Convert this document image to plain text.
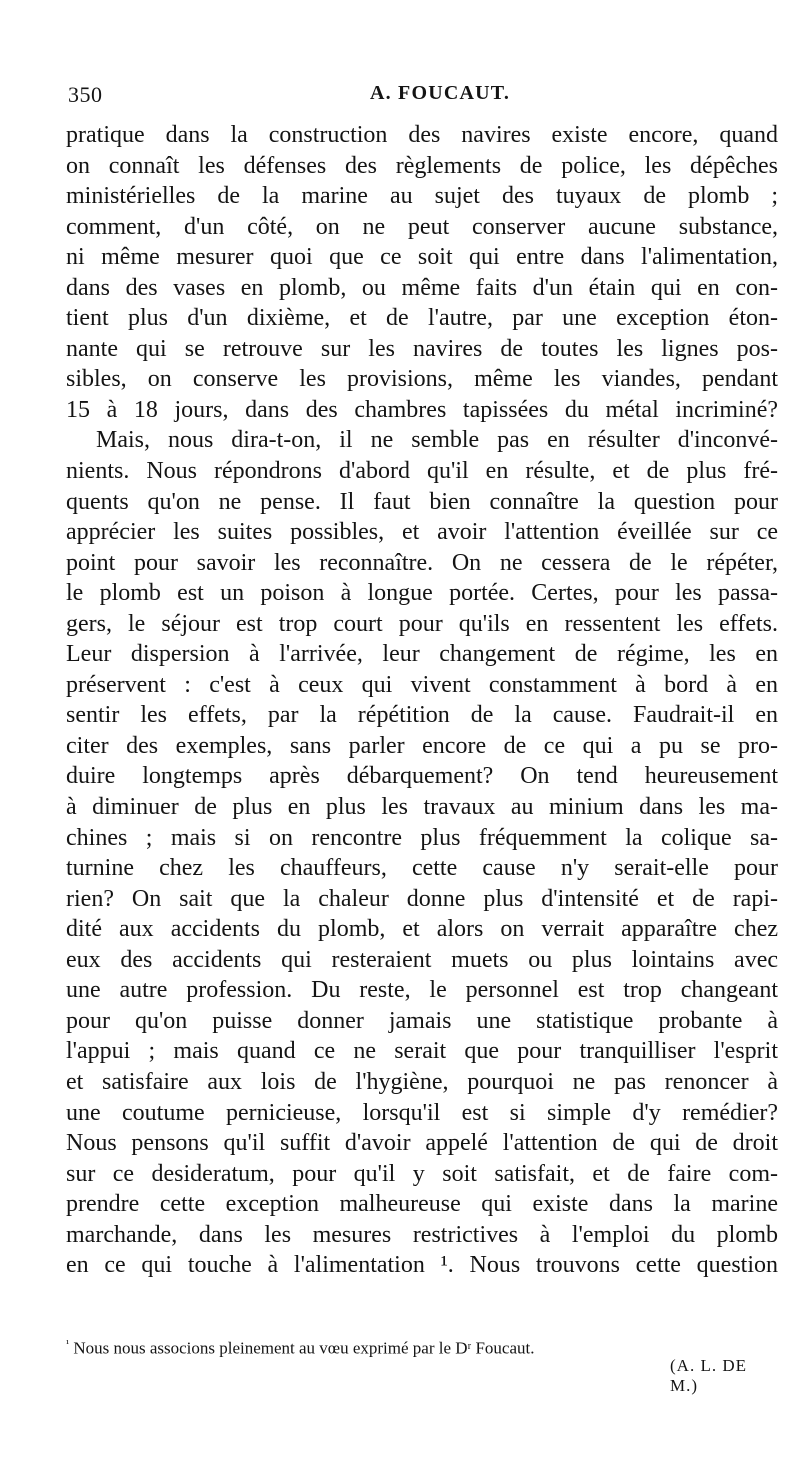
350	A. FOUCAUT.
pratique dans la construction des navires existe encore, quand
on connaît les défenses des règlements de police, les dépêches
ministérielles de la marine au sujet des tuyaux de plomb ;
comment, d'un côté, on ne peut conserver aucune substance,
ni même mesurer quoi que ce soit qui entre dans l'alimentation,
dans des vases en plomb, ou même faits d'un étain qui en con-
tient plus d'un dixième, et de l'autre, par une exception éton-
nante qui se retrouve sur les navires de toutes les lignes pos-
sibles, on conserve les provisions, même les viandes, pendant
15 à 18 jours, dans des chambres tapissées du métal incriminé?
Mais, nous dira-t-on, il ne semble pas en résulter d'inconvé-
nients. Nous répondrons d'abord qu'il en résulte, et de plus fré-
quents qu'on ne pense. Il faut bien connaître la question pour
apprécier les suites possibles, et avoir l'attention éveillée sur ce
point pour savoir les reconnaître. On ne cessera de le répéter,
le plomb est un poison à longue portée. Certes, pour les passa-
gers, le séjour est trop court pour qu'ils en ressentent les effets.
Leur dispersion à l'arrivée, leur changement de régime, les en
préservent : c'est à ceux qui vivent constamment à bord à en
sentir les effets, par la répétition de la cause. Faudrait-il en
citer des exemples, sans parler encore de ce qui a pu se pro-
duire longtemps après débarquement? On tend heureusement
à diminuer de plus en plus les travaux au minium dans les ma-
chines ; mais si on rencontre plus fréquemment la colique sa-
turnine chez les chauffeurs, cette cause n'y serait-elle pour
rien? On sait que la chaleur donne plus d'intensité et de rapi-
dité aux accidents du plomb, et alors on verrait apparaître chez
eux des accidents qui resteraient muets ou plus lointains avec
une autre profession. Du reste, le personnel est trop changeant
pour qu'on puisse donner jamais une statistique probante à
l'appui ; mais quand ce ne serait que pour tranquilliser l'esprit
et satisfaire aux lois de l'hygiène, pourquoi ne pas renoncer à
une coutume pernicieuse, lorsqu'il est si simple d'y remédier?
Nous pensons qu'il suffit d'avoir appelé l'attention de qui de droit
sur ce desideratum, pour qu'il y soit satisfait, et de faire com-
prendre cette exception malheureuse qui existe dans la marine
marchande, dans les mesures restrictives à l'emploi du plomb
en ce qui touche à l'alimentation ¹. Nous trouvons cette question
$^{^1}$ Nous nous associons pleinement au vœu exprimé par le Dʳ Foucaut.
(A. L. DE M.)
